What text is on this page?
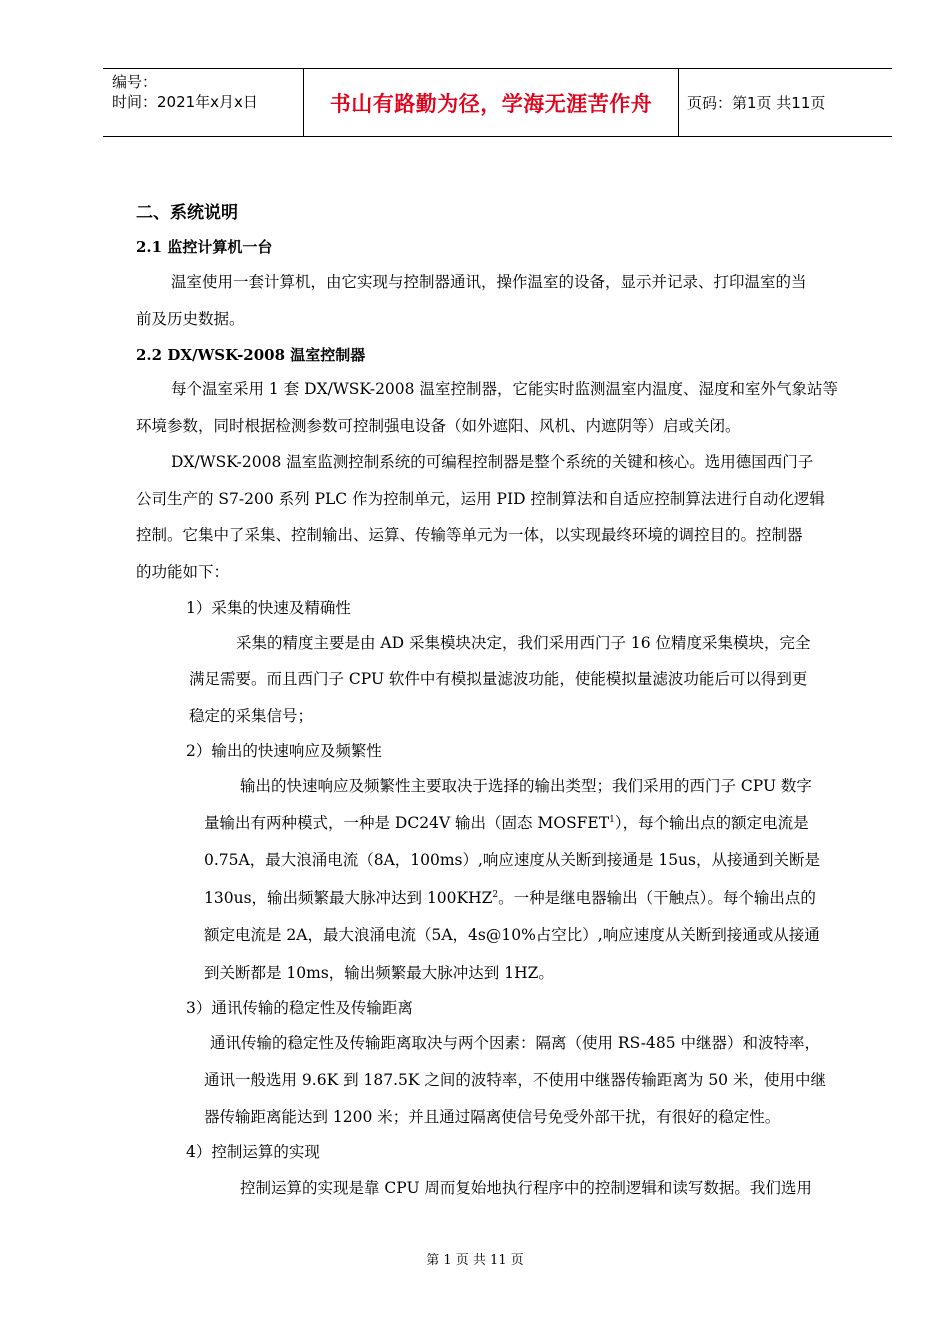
编号：
时间：2021年x月x日	书山有路勤为径，学海无涯苦作舟 页码：第1页 共11页
二、系统说明
2.1 监控计算机一台
温室使用一套计算机，由它实现与控制器通讯，操作温室的设备，显示并记录、打印温室的当
前及历史数据。
2.2 DX/WSK-2008 温室控制器
每个温室采用 1 套 DX/WSK-2008 温室控制器，它能实时监测温室内温度、湿度和室外气象站等
环境参数，同时根据检测参数可控制强电设备（如外遮阳、风机、内遮阴等）启或关闭。
DX/WSK-2008 温室监测控制系统的可编程控制器是整个系统的关键和核心。选用德国西门子
公司生产的 S7-200 系列 PLC 作为控制单元，运用 PID 控制算法和自适应控制算法进行自动化逻辑
控制。它集中了采集、控制输出、运算、传输等单元为一体，以实现最终环境的调控目的。控制器
的功能如下：
1）采集的快速及精确性
采集的精度主要是由 AD 采集模块决定，我们采用西门子 16 位精度采集模块，完全
满足需要。而且西门子 CPU 软件中有模拟量滤波功能，使能模拟量滤波功能后可以得到更
稳定的采集信号；
2）输出的快速响应及频繁性
输出的快速响应及频繁性主要取决于选择的输出类型；我们采用的西门子 CPU 数字
量输出有两种模式，一种是 DC24V 输出（固态 MOSFET$^1$），每个输出点的额定电流是
0.75A，最大浪涌电流（8A，100ms）,响应速度从关断到接通是 15us，从接通到关断是
130us，输出频繁最大脉冲达到 100KHZ$^2$。一种是继电器输出（干触点）。每个输出点的
额定电流是 2A，最大浪涌电流（5A，4s@10%占空比）,响应速度从关断到接通或从接通
到关断都是 10ms，输出频繁最大脉冲达到 1HZ。
3）通讯传输的稳定性及传输距离
通讯传输的稳定性及传输距离取决与两个因素：隔离（使用 RS-485 中继器）和波特率，
通讯一般选用 9.6K 到 187.5K 之间的波特率，不使用中继器传输距离为 50 米，使用中继
器传输距离能达到 1200 米；并且通过隔离使信号免受外部干扰，有很好的稳定性。
4）控制运算的实现
控制运算的实现是靠 CPU 周而复始地执行程序中的控制逻辑和读写数据。我们选用
第 1 页 共 11 页
